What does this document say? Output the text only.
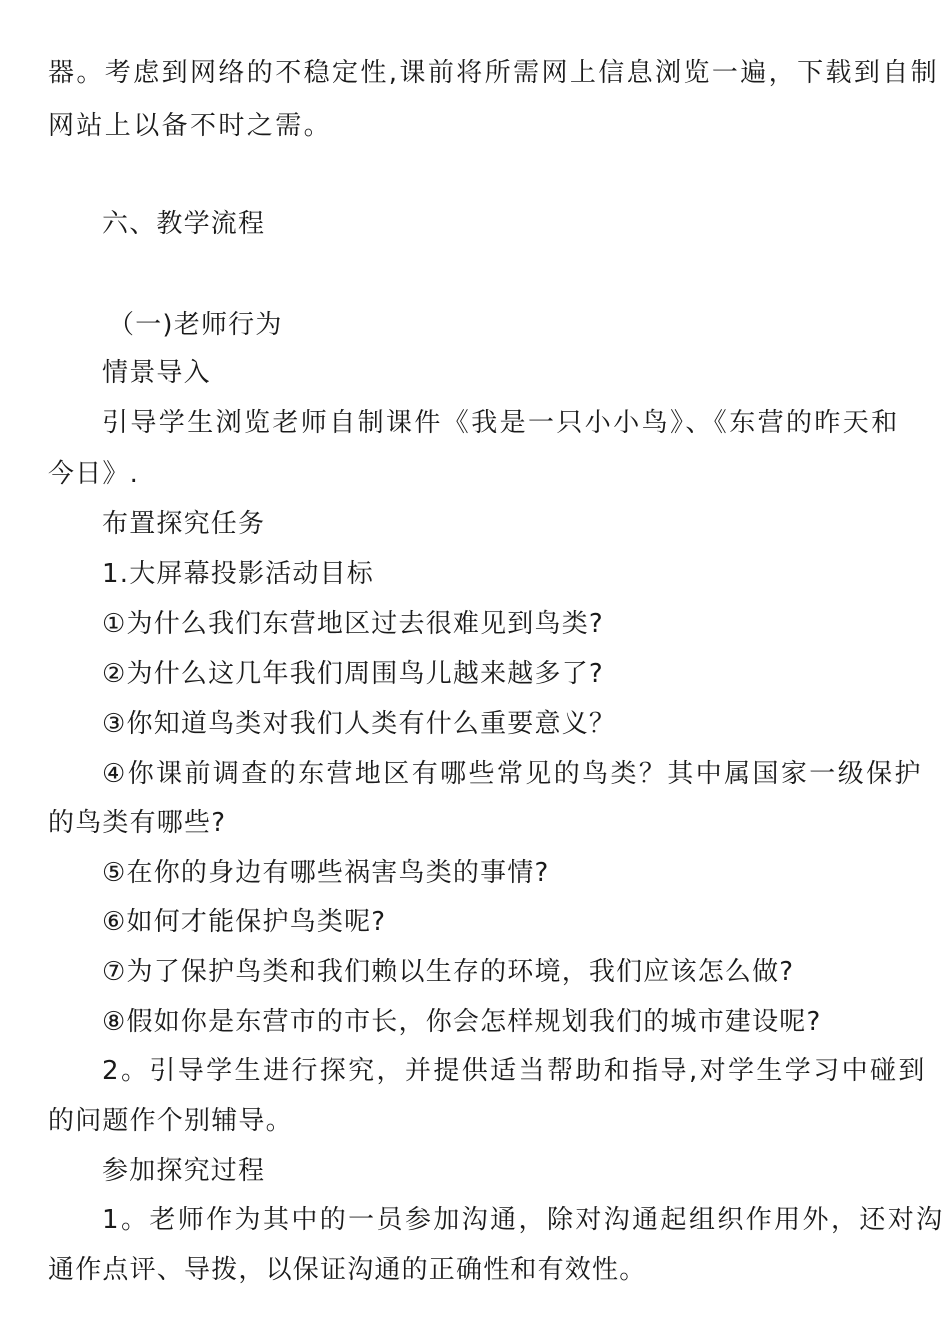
器。考虑到网络的不稳定性,课前将所需网上信息浏览一遍，下载到自制
网站上以备不时之需。
六、教学流程
（一)老师行为
情景导入
引导学生浏览老师自制课件《我是一只小小鸟》、《东营的昨天和
今日》.
布置探究任务
1.大屏幕投影活动目标
①为什么我们东营地区过去很难见到鸟类?
②为什么这几年我们周围鸟儿越来越多了?
③你知道鸟类对我们人类有什么重要意义？
④你课前调查的东营地区有哪些常见的鸟类？其中属国家一级保护
的鸟类有哪些?
⑤在你的身边有哪些祸害鸟类的事情?
⑥如何才能保护鸟类呢?
⑦为了保护鸟类和我们赖以生存的环境，我们应该怎么做?
⑧假如你是东营市的市长，你会怎样规划我们的城市建设呢?
2。引导学生进行探究，并提供适当帮助和指导,对学生学习中碰到
的问题作个别辅导。
参加探究过程
1。老师作为其中的一员参加沟通，除对沟通起组织作用外，还对沟
通作点评、导拨，以保证沟通的正确性和有效性。
